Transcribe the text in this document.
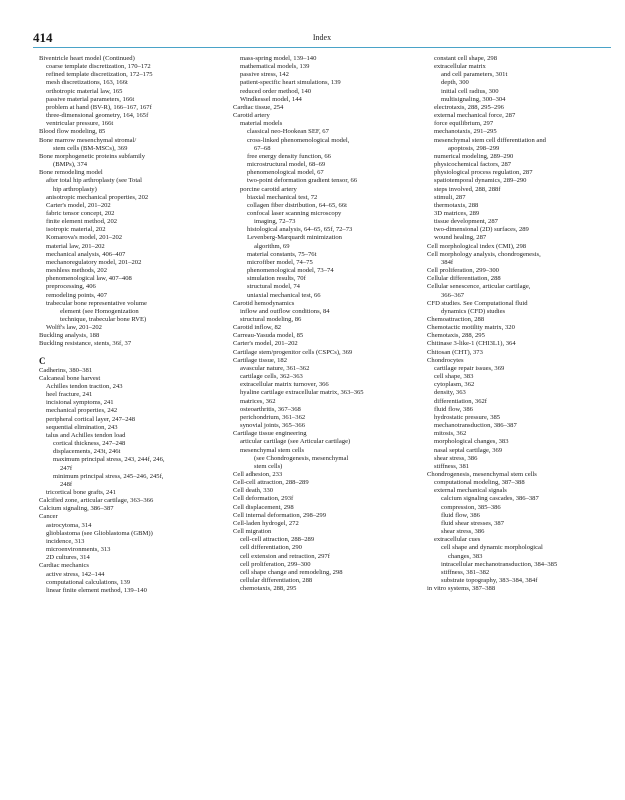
414	Index
Biventricle heart model (Continued)
coarse template discretization, 170–172
refined template discretization, 172–175
mesh discretizations, 163, 166t
orthotropic material law, 165
passive material parameters, 166t
problem at hand (BV-R), 166–167, 167f
three-dimensional geometry, 164, 165f
ventricular pressure, 166t
Blood flow modeling, 85
Bone marrow mesenchymal stromal/
stem cells (BM-MSCs), 369
Bone morphogenetic proteins subfamily
(BMPs), 374
Bone remodeling model
after total hip arthroplasty (see Total
hip arthroplasty)
anisotropic mechanical properties, 202
Carter's model, 201–202
fabric tensor concept, 202
finite element method, 202
isotropic material, 202
Komarova's model, 201–202
material law, 201–202
mechanical analysis, 406–407
mechanoregulatory model, 201–202
meshless methods, 202
phenomenological law, 407–408
preprocessing, 406
remodeling points, 407
trabecular bone representative volume
element (see Homogenization
technique, trabecular bone RVE)
Wolff's law, 201–202
Buckling analysis, 188
Buckling resistance, stents, 36f, 37
C
Cadherins, 380–381
Calcaneal bone harvest
Achilles tendon traction, 243
heel fracture, 241
incisional symptoms, 241
mechanical properties, 242
peripheral cortical layer, 247–248
sequential elimination, 243
talus and Achilles tendon load
cortical thickness, 247–248
displacements, 243t, 246t
maximum principal stress, 243, 244f, 246,
247f
minimum principal stress, 245–246, 245f,
248f
tricortical bone grafts, 241
Calcified zone, articular cartilage, 363–366
Calcium signaling, 386–387
Cancer
astrocytoma, 314
glioblastoma (see Glioblastoma (GBM))
incidence, 313
microenvironments, 313
2D cultures, 314
Cardiac mechanics
active stress, 142–144
computational calculations, 139
linear finite element method, 139–140
mass-spring model, 139–140
mathematical models, 139
passive stress, 142
patient-specific heart simulations, 139
reduced order method, 140
Windkessel model, 144
Cardiac tissue, 254
Carotid artery
material models
classical neo-Hookean SEF, 67
cross-linked phenomenological model,
67–68
free energy density function, 66
microstructural model, 68–69
phenomenological model, 67
two-point deformation gradient tensor, 66
porcine carotid artery
biaxial mechanical test, 72
collagen fiber distribution, 64–65, 66t
confocal laser scanning microscopy
imaging, 72–73
histological analysis, 64–65, 65f, 72–73
Levenberg-Marquardt minimization
algorithm, 69
material constants, 75–76t
microfiber model, 74–75
phenomenological model, 73–74
simulation results, 70f
structural model, 74
uniaxial mechanical test, 66
Carotid hemodynamics
inflow and outflow conditions, 84
structural modeling, 86
Carotid inflow, 82
Carreau-Yasuda model, 85
Carter's model, 201–202
Cartilage stem/progenitor cells (CSPCs), 369
Cartilage tissue, 182
avascular nature, 361–362
cartilage cells, 362–363
extracellular matrix turnover, 366
hyaline cartilage extracellular matrix, 363–365
matrices, 362
osteoarthritis, 367–368
perichondrium, 361–362
synovial joints, 365–366
Cartilage tissue engineering
articular cartilage (see Articular cartilage)
mesenchymal stem cells
(see Chondrogenesis, mesenchymal
stem cells)
Cell adhesion, 233
Cell-cell attraction, 288–289
Cell death, 330
Cell deformation, 293f
Cell displacement, 298
Cell internal deformation, 298–299
Cell-laden hydrogel, 272
Cell migration
cell-cell attraction, 288–289
cell differentiation, 290
cell extension and retraction, 297f
cell proliferation, 299–300
cell shape change and remodeling, 298
cellular differentiation, 288
chemotaxis, 288, 295
constant cell shape, 298
extracellular matrix
and cell parameters, 301t
depth, 300
initial cell radius, 300
multisignaling, 300–304
electrotaxis, 288, 295–296
external mechanical force, 287
force equilibrium, 297
mechanotaxis, 291–295
mesenchymal stem cell differentiation and
apoptosis, 298–299
numerical modeling, 289–290
physicochemical factors, 287
physiological process regulation, 287
spatiotemporal dynamics, 289–290
steps involved, 288, 288f
stimuli, 287
thermotaxis, 288
3D matrices, 289
tissue development, 287
two-dimensional (2D) surfaces, 289
wound healing, 287
Cell morphological index (CMI), 298
Cell morphology analysis, chondrogenesis,
384f
Cell proliferation, 299–300
Cellular differentiation, 288
Cellular senescence, articular cartilage,
366–367
CFD studies. See Computational fluid
dynamics (CFD) studies
Chemoattraction, 288
Chemotactic motility matrix, 320
Chemotaxis, 288, 295
Chitinase 3-like-1 (CHI3L1), 364
Chitosan (CHT), 373
Chondrocytes
cartilage repair issues, 369
cell shape, 383
cytoplasm, 362
density, 363
differentiation, 362f
fluid flow, 386
hydrostatic pressure, 385
mechanotransduction, 386–387
mitosis, 362
morphological changes, 383
nasal septal cartilage, 369
shear stress, 386
stiffness, 381
Chondrogenesis, mesenchymal stem cells
computational modeling, 387–388
external mechanical signals
calcium signaling cascades, 386–387
compression, 385–386
fluid flow, 386
fluid shear stresses, 387
shear stress, 386
extracellular cues
cell shape and dynamic morphological
changes, 383
intracellular mechanotransduction, 384–385
stiffness, 381–382
substrate topography, 383–384, 384f
in vitro systems, 387–388
